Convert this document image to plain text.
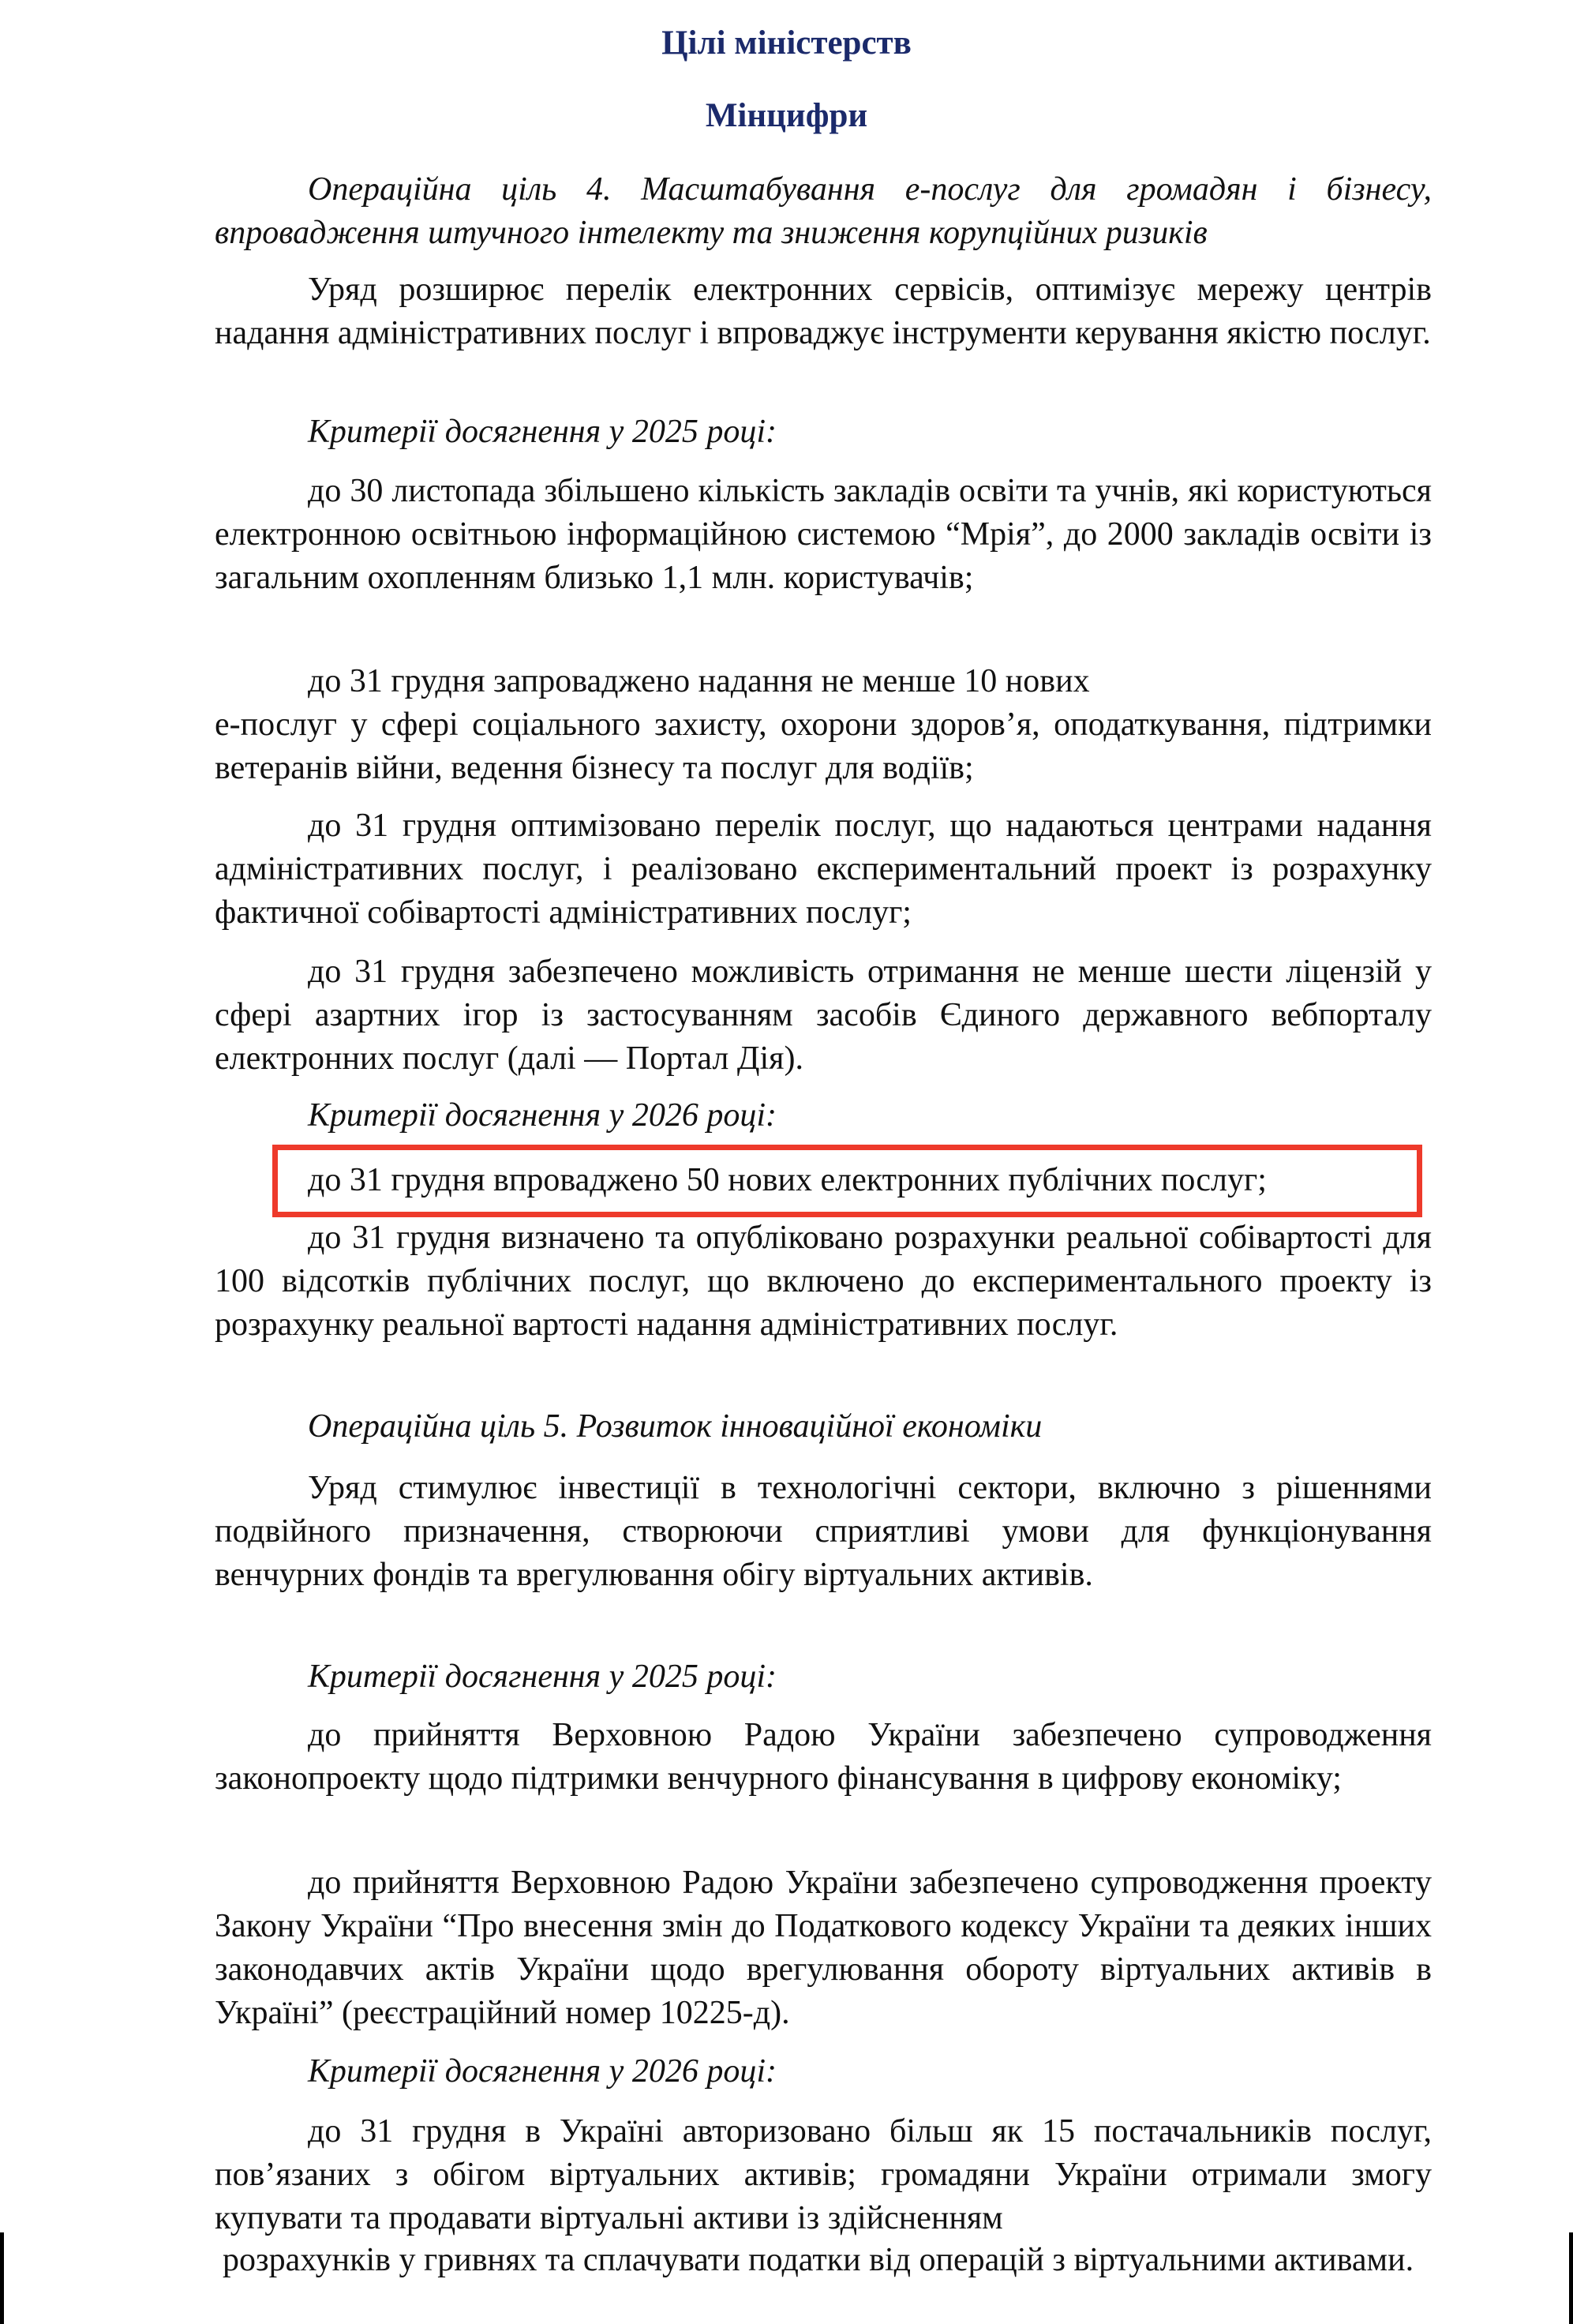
Цілі міністерств
Мінцифри
Операційна ціль 4. Масштабування е-послуг для громадян і бізнесу, впровадження штучного інтелекту та зниження корупційних ризиків
Уряд розширює перелік електронних сервісів, оптимізує мережу центрів надання адміністративних послуг і впроваджує інструменти керування якістю послуг.
Критерії досягнення у 2025 році:
до 30 листопада збільшено кількість закладів освіти та учнів, які користуються електронною освітньою інформаційною системою “Мрія”, до 2000 закладів освіти із загальним охопленням близько 1,1 млн. користувачів;
до 31 грудня запроваджено надання не менше 10 нових
е-послуг у сфері соціального захисту, охорони здоров’я, оподаткування, підтримки ветеранів війни, ведення бізнесу та послуг для водіїв;
до 31 грудня оптимізовано перелік послуг, що надаються центрами надання адміністративних послуг, і реалізовано експериментальний проект із розрахунку фактичної собівартості адміністративних послуг;
до 31 грудня забезпечено можливість отримання не менше шести ліцензій у сфері азартних ігор із застосуванням засобів Єдиного державного вебпорталу електронних послуг (далі — Портал Дія).
Критерії досягнення у 2026 році:
до 31 грудня впроваджено 50 нових електронних публічних послуг;
до 31 грудня визначено та опубліковано розрахунки реальної собівартості для 100 відсотків публічних послуг, що включено до експериментального проекту із розрахунку реальної вартості надання адміністративних послуг.
Операційна ціль 5. Розвиток інноваційної економіки
Уряд стимулює інвестиції в технологічні сектори, включно з рішеннями подвійного призначення, створюючи сприятливі умови для функціонування венчурних фондів та врегулювання обігу віртуальних активів.
Критерії досягнення у 2025 році:
до прийняття Верховною Радою України забезпечено супроводження законопроекту щодо підтримки венчурного фінансування в цифрову економіку;
до прийняття Верховною Радою України забезпечено супроводження проекту Закону України “Про внесення змін до Податкового кодексу України та деяких інших законодавчих актів України щодо врегулювання обороту віртуальних активів в Україні” (реєстраційний номер 10225-д).
Критерії досягнення у 2026 році:
до 31 грудня в Україні авторизовано більш як 15 постачальників послуг, пов’язаних з обігом віртуальних активів; громадяни України отримали змогу купувати та продавати віртуальні активи із здійсненням
розрахунків у гривнях та сплачувати податки від операцій з віртуальними активами.
